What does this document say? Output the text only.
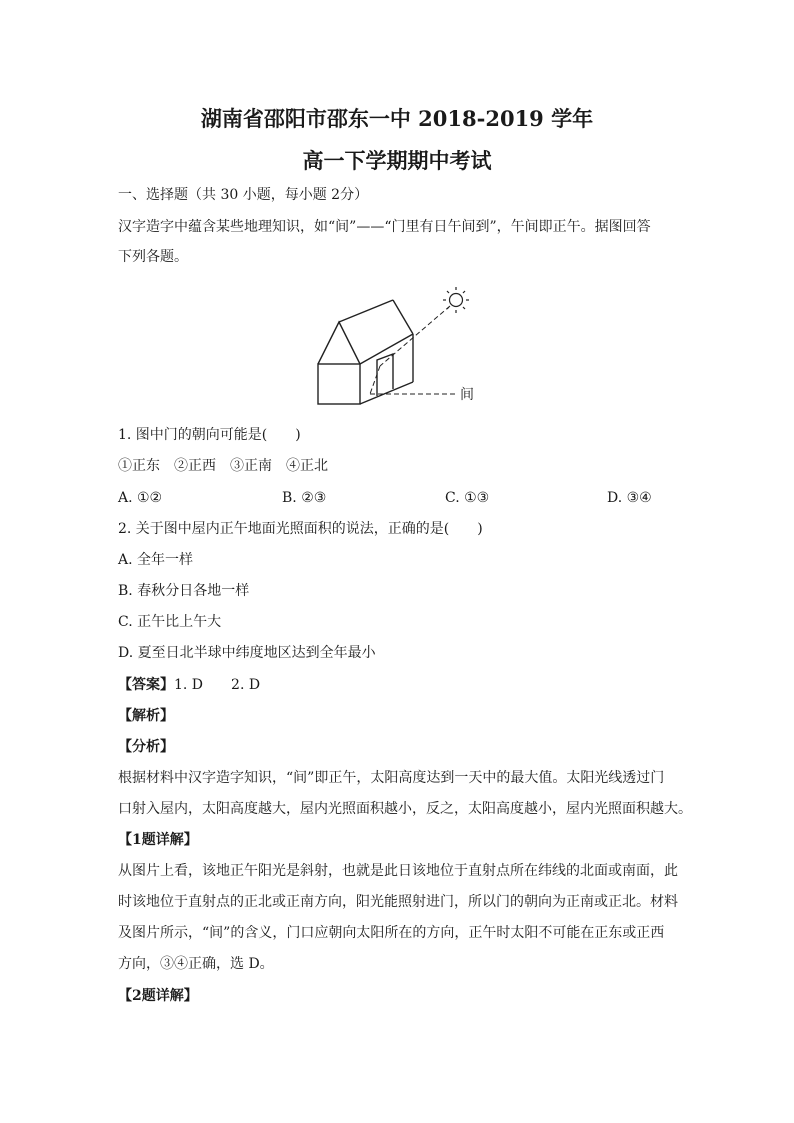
湖南省邵阳市邵东一中 2018-2019 学年
高一下学期期中考试
一、选择题（共 30 小题，每小题 2分）
汉字造字中蕴含某些地理知识，如“间”——“门里有日午间到”，午间即正午。据图回答
下列各题。
间
1. 图中门的朝向可能是(　　)
①正东　②正西　③正南　④正北
A. ①②	B. ②③	C. ①③	D. ③④
2. 关于图中屋内正午地面光照面积的说法，正确的是(　　)
A. 全年一样
B. 春秋分日各地一样
C. 正午比上午大
D. 夏至日北半球中纬度地区达到全年最小
【答案】1. D　　2. D
【解析】
【分析】
根据材料中汉字造字知识，“间”即正午，太阳高度达到一天中的最大值。太阳光线透过门
口射入屋内，太阳高度越大，屋内光照面积越小，反之，太阳高度越小，屋内光照面积越大。
【1题详解】
从图片上看，该地正午阳光是斜射，也就是此日该地位于直射点所在纬线的北面或南面，此
时该地位于直射点的正北或正南方向，阳光能照射进门，所以门的朝向为正南或正北。材料
及图片所示，“间”的含义，门口应朝向太阳所在的方向，正午时太阳不可能在正东或正西
方向，③④正确，选 D。
【2题详解】
